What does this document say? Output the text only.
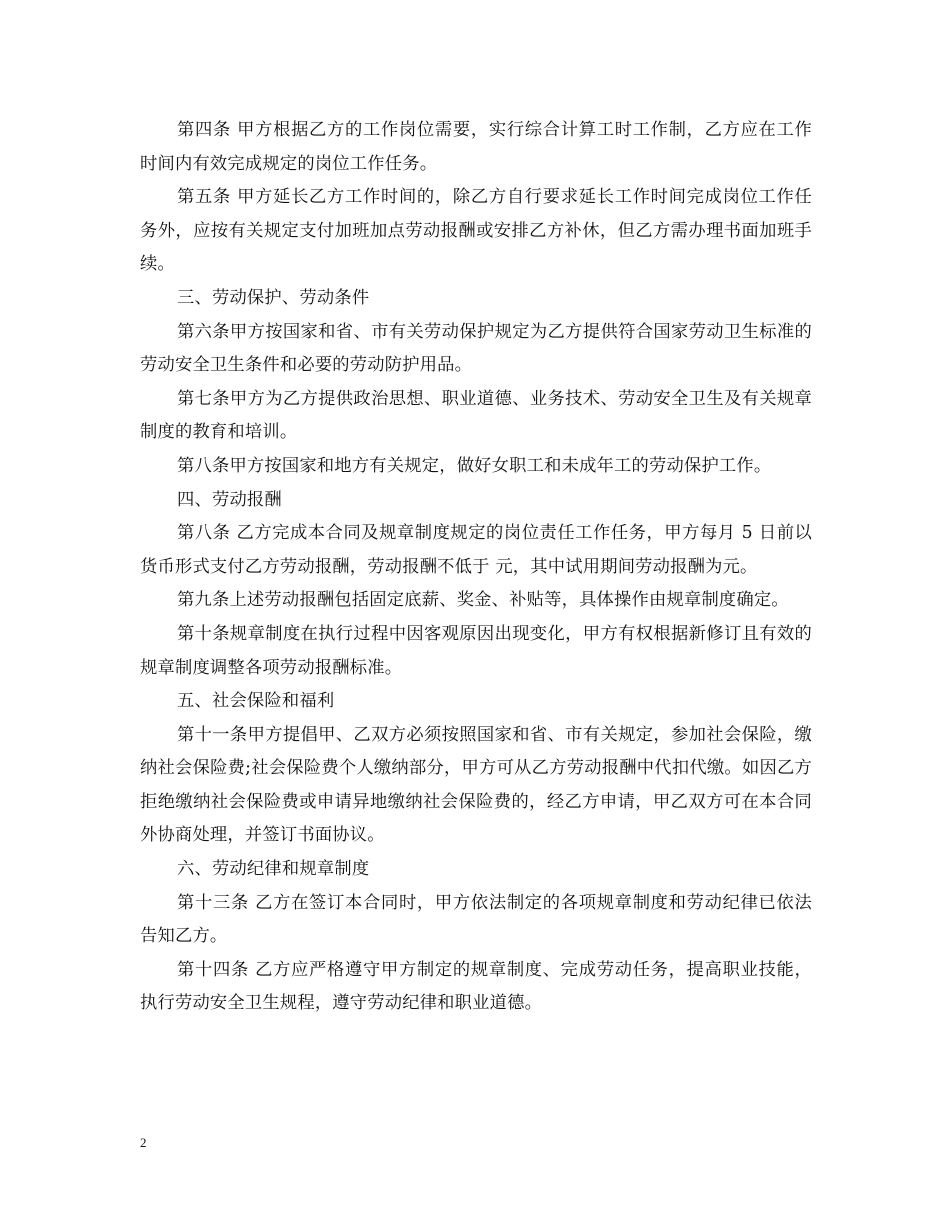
第四条 甲方根据乙方的工作岗位需要，实行综合计算工时工作制，乙方应在工作时间内有效完成规定的岗位工作任务。

第五条 甲方延长乙方工作时间的，除乙方自行要求延长工作时间完成岗位工作任务外，应按有关规定支付加班加点劳动报酬或安排乙方补休，但乙方需办理书面加班手续。

三、劳动保护、劳动条件

第六条甲方按国家和省、市有关劳动保护规定为乙方提供符合国家劳动卫生标准的劳动安全卫生条件和必要的劳动防护用品。

第七条甲方为乙方提供政治思想、职业道德、业务技术、劳动安全卫生及有关规章制度的教育和培训。

第八条甲方按国家和地方有关规定，做好女职工和未成年工的劳动保护工作。

四、劳动报酬

第八条 乙方完成本合同及规章制度规定的岗位责任工作任务，甲方每月 5 日前以货币形式支付乙方劳动报酬，劳动报酬不低于 元，其中试用期间劳动报酬为元。

第九条上述劳动报酬包括固定底薪、奖金、补贴等，具体操作由规章制度确定。

第十条规章制度在执行过程中因客观原因出现变化，甲方有权根据新修订且有效的规章制度调整各项劳动报酬标准。

五、社会保险和福利

第十一条甲方提倡甲、乙双方必须按照国家和省、市有关规定，参加社会保险，缴纳社会保险费;社会保险费个人缴纳部分，甲方可从乙方劳动报酬中代扣代缴。如因乙方拒绝缴纳社会保险费或申请异地缴纳社会保险费的，经乙方申请，甲乙双方可在本合同外协商处理，并签订书面协议。

六、劳动纪律和规章制度

第十三条 乙方在签订本合同时，甲方依法制定的各项规章制度和劳动纪律已依法告知乙方。

第十四条 乙方应严格遵守甲方制定的规章制度、完成劳动任务，提高职业技能，执行劳动安全卫生规程，遵守劳动纪律和职业道德。

2
